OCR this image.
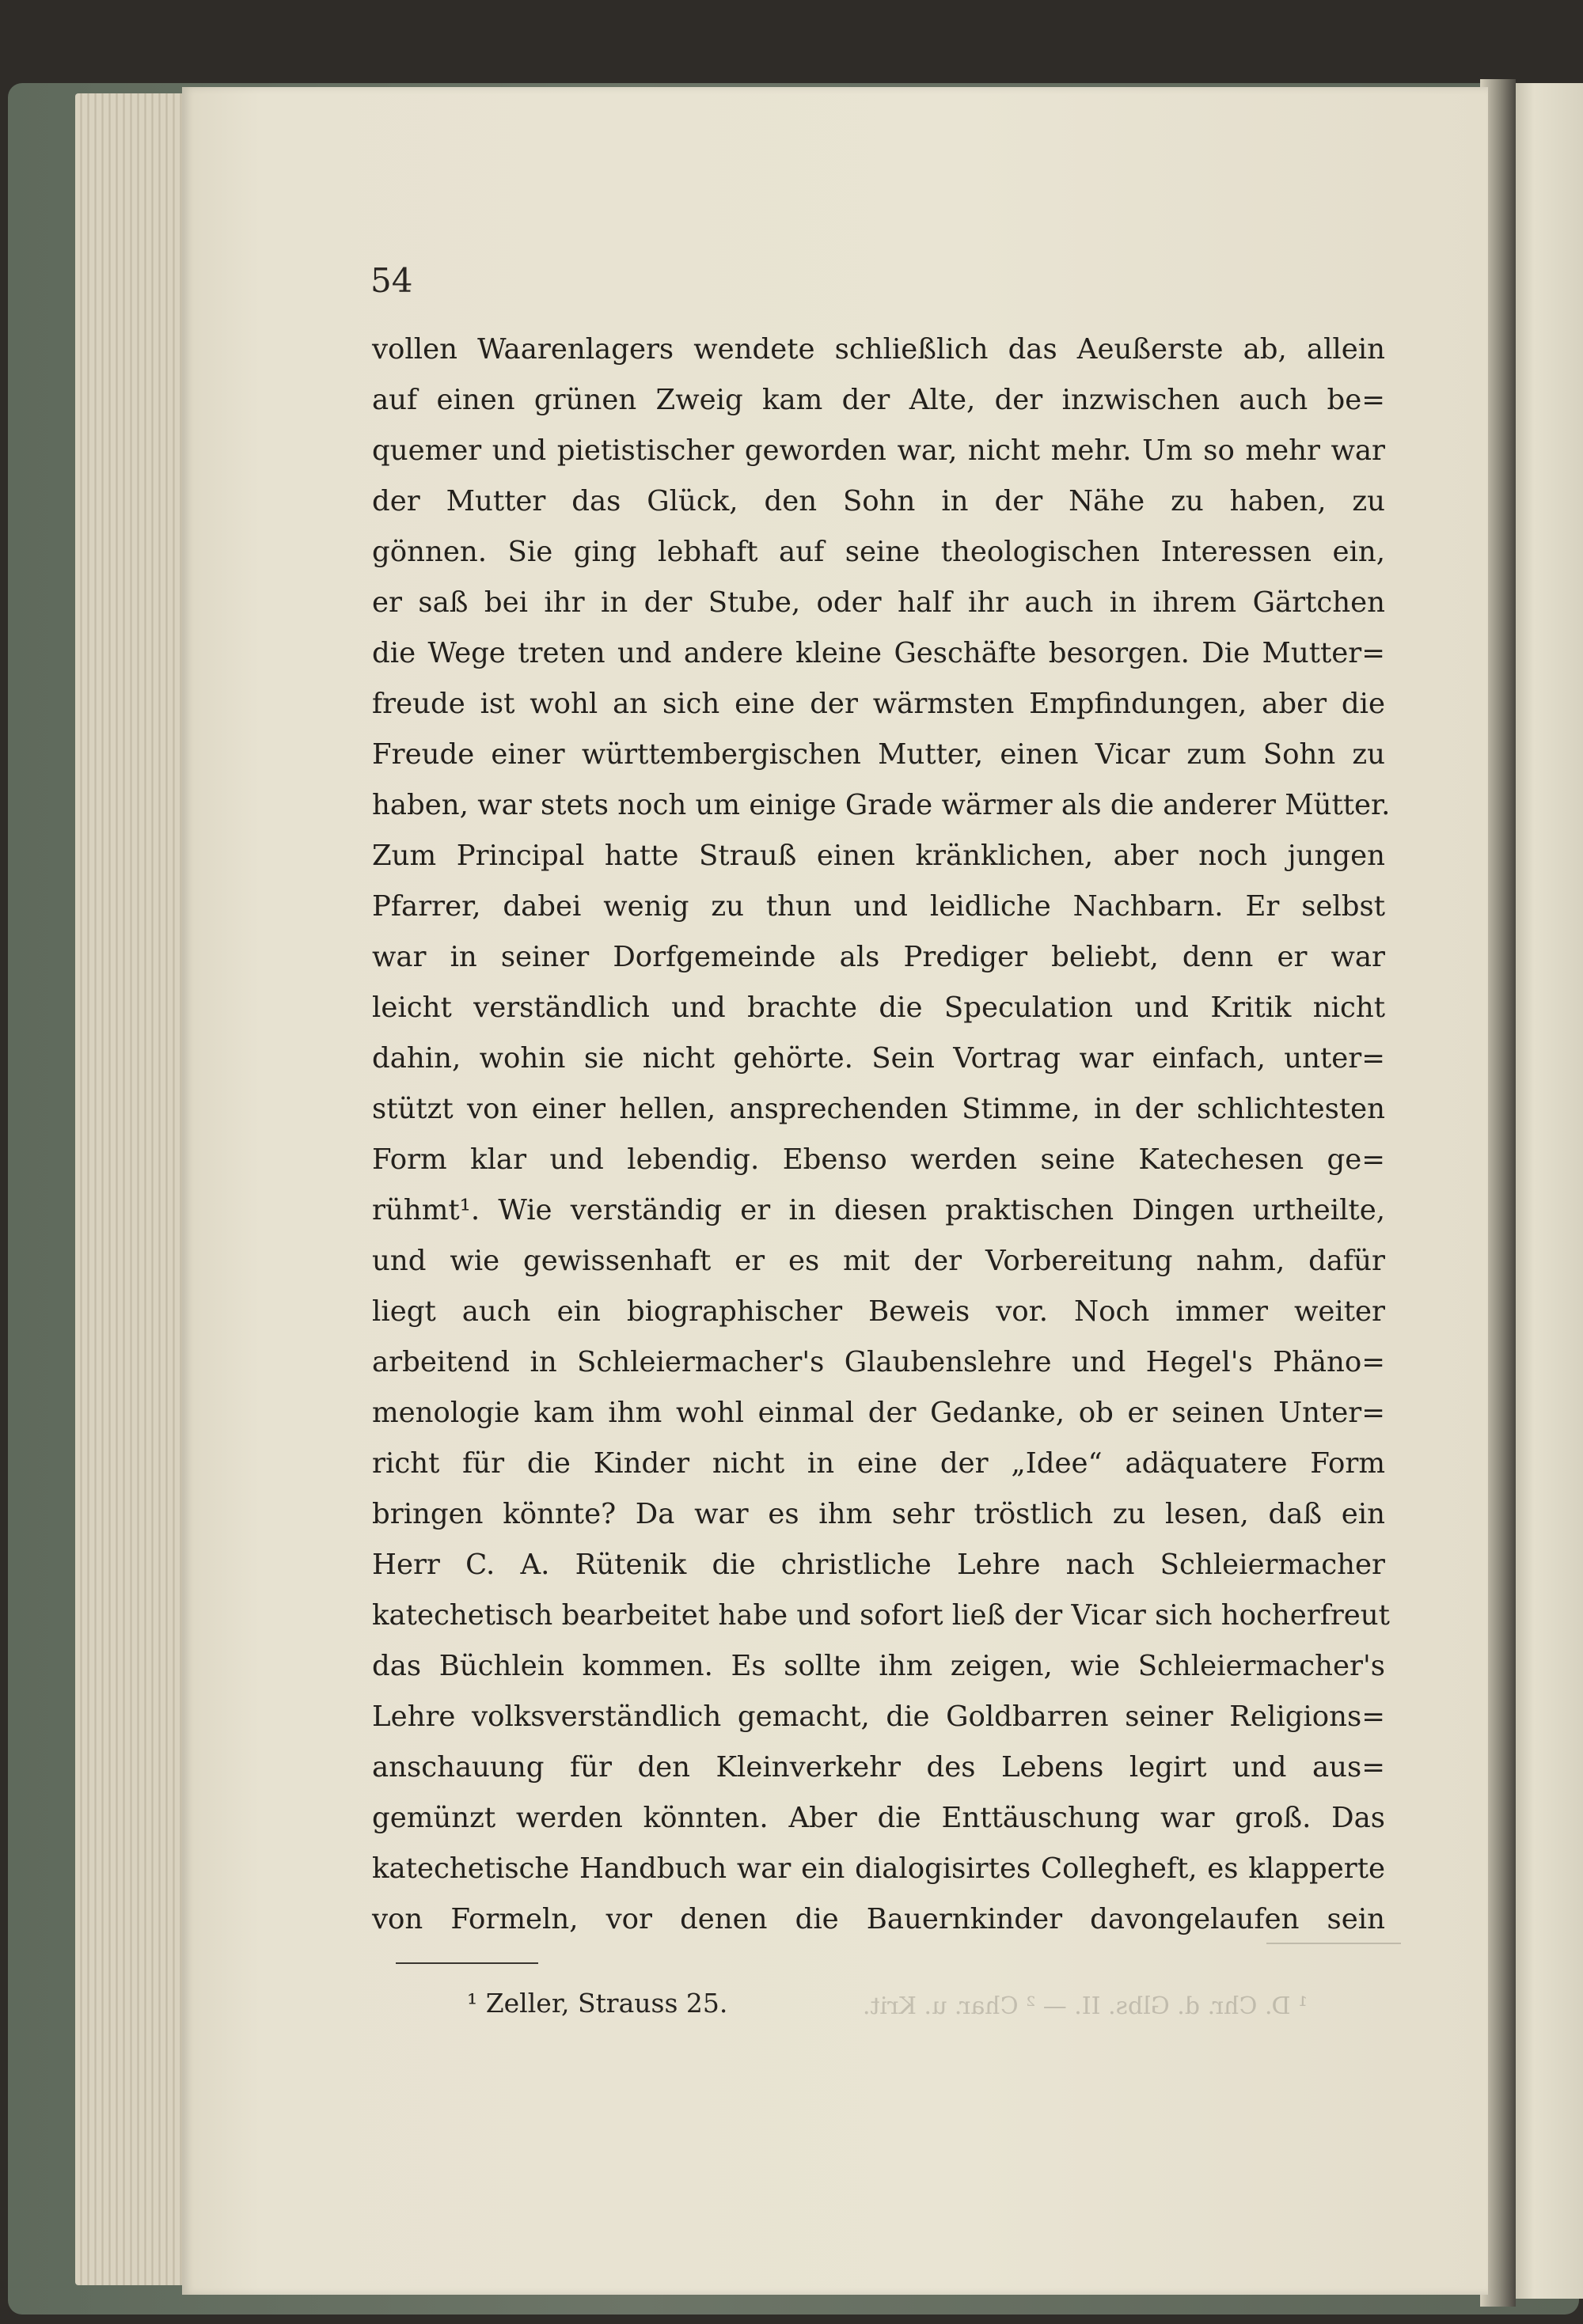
54

vollen Waarenlagers wendete schließlich das Aeußerste ab, allein
auf einen grünen Zweig kam der Alte, der inzwischen auch be=
quemer und pietistischer geworden war, nicht mehr. Um so mehr war
der Mutter das Glück, den Sohn in der Nähe zu haben, zu
gönnen. Sie ging lebhaft auf seine theologischen Interessen ein,
er saß bei ihr in der Stube, oder half ihr auch in ihrem Gärtchen
die Wege treten und andere kleine Geschäfte besorgen. Die Mutter=
freude ist wohl an sich eine der wärmsten Empfindungen, aber die
Freude einer württembergischen Mutter, einen Vicar zum Sohn zu
haben, war stets noch um einige Grade wärmer als die anderer Mütter.
Zum Principal hatte Strauß einen kränklichen, aber noch jungen
Pfarrer, dabei wenig zu thun und leidliche Nachbarn. Er selbst
war in seiner Dorfgemeinde als Prediger beliebt, denn er war
leicht verständlich und brachte die Speculation und Kritik nicht
dahin, wohin sie nicht gehörte. Sein Vortrag war einfach, unter=
stützt von einer hellen, ansprechenden Stimme, in der schlichtesten
Form klar und lebendig. Ebenso werden seine Katechesen ge=
rühmt¹. Wie verständig er in diesen praktischen Dingen urtheilte,
und wie gewissenhaft er es mit der Vorbereitung nahm, dafür
liegt auch ein biographischer Beweis vor. Noch immer weiter
arbeitend in Schleiermacher's Glaubenslehre und Hegel's Phäno=
menologie kam ihm wohl einmal der Gedanke, ob er seinen Unter=
richt für die Kinder nicht in eine der „Idee“ adäquatere Form
bringen könnte? Da war es ihm sehr tröstlich zu lesen, daß ein
Herr C. A. Rütenik die christliche Lehre nach Schleiermacher
katechetisch bearbeitet habe und sofort ließ der Vicar sich hocherfreut
das Büchlein kommen. Es sollte ihm zeigen, wie Schleiermacher's
Lehre volksverständlich gemacht, die Goldbarren seiner Religions=
anschauung für den Kleinverkehr des Lebens legirt und aus=
gemünzt werden könnten. Aber die Enttäuschung war groß. Das
katechetische Handbuch war ein dialogisirtes Collegheft, es klapperte
von Formeln, vor denen die Bauernkinder davongelaufen sein
¹ Zeller, Strauss 25.	¹ D. Chr. d. Glbs. II. — ² Char. u. Krit.
